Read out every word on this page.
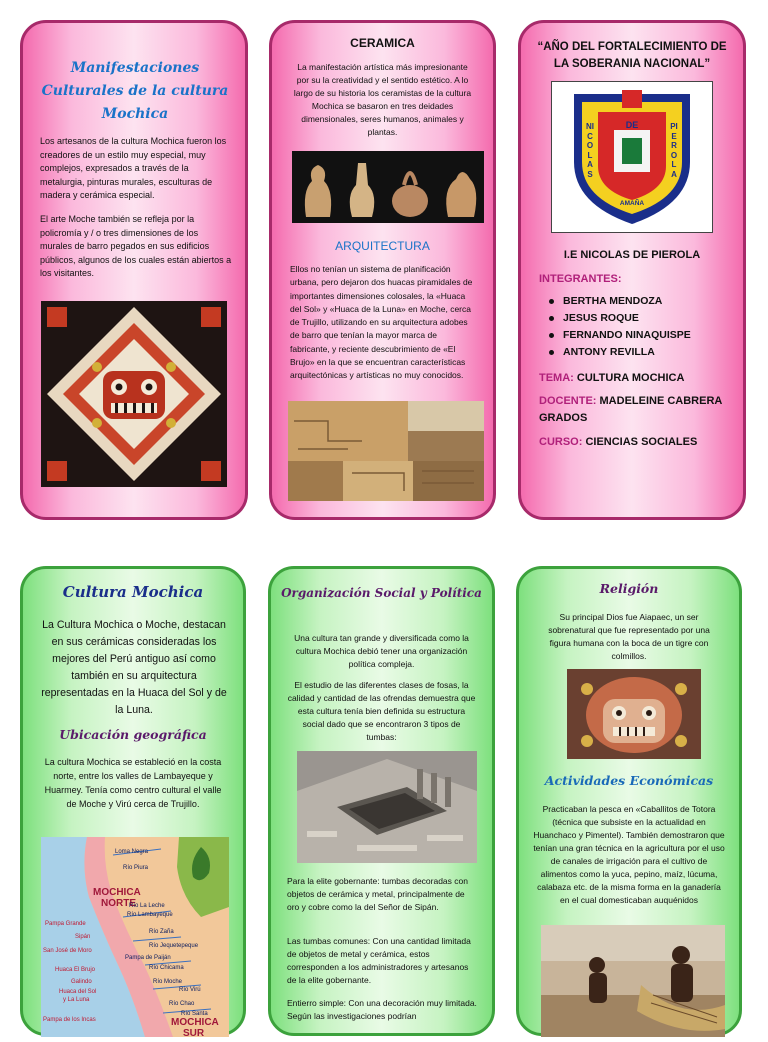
Manifestaciones Culturales de la cultura Mochica
Los artesanos de la cultura Mochica fueron los creadores de un estilo muy especial, muy complejos, expresados a través de la metalurgia, pinturas murales, esculturas de madera y cerámica especial.
El arte Moche también se refleja por la policromía y / o tres dimensiones de los murales de barro pegados en sus edificios públicos, algunos de los cuales están abiertos a los visitantes.
CERAMICA
La manifestación artística más impresionante por su la creatividad y el sentido estético. A lo largo de su historia los ceramistas de la cultura Mochica se basaron en tres deidades dimensionales, seres humanos, animales y plantas.
ARQUITECTURA
Ellos no tenían un sistema de planificación urbana, pero dejaron dos huacas piramidales de importantes dimensiones colosales, la «Huaca del Sol» y «Huaca de la Luna» en Moche, cerca de Trujillo, utilizando en su arquitectura adobes de barro que tenían la mayor marca de fabricante, y reciente descubrimiento de «El Brujo» en la que se encuentran características arquitectónicas y artísticas no muy conocidos.
“AÑO DEL FORTALECIMIENTO DE LA SOBERANIA NACIONAL”
DE
NICOLAS
PIEROLA
AMAÑA
I.E NICOLAS DE PIEROLA
INTEGRANTES:
BERTHA MENDOZA
JESUS ROQUE
FERNANDO NINAQUISPE
ANTONY REVILLA
TEMA: CULTURA MOCHICA
DOCENTE: MADELEINE CABRERA GRADOS
CURSO: CIENCIAS SOCIALES
Cultura Mochica
La Cultura Mochica o Moche, destacan en sus cerámicas consideradas los mejores del Perú antiguo así como también en su arquitectura representadas en la Huaca del Sol y de la Luna.
Ubicación geográfica
La cultura Mochica se estableció en la costa norte, entre los valles de Lambayeque y Huarmey. Tenía como centro cultural el valle de Moche y Virú cerca de Trujillo.
MOCHICA
NORTE
Loma Negra
Río Piura
Río La Leche
Río Lambayeque
Pampa Grande
Sipán
Río Zaña
San José de Moro
Río Jequetepeque
Pampa de Paiján
Río Chicama
Huaca El Brujo
Galindo	Río Moche
Huaca del Sol
y La Luna
Río Virú
Río Chao
Río Santa
Pampa de los Incas	MOCHICA
SUR
Organización Social y Política
Una cultura tan grande y diversificada como la cultura Mochica debió tener una organización política compleja.
El estudio de las diferentes clases de fosas, la calidad y cantidad de las ofrendas demuestra que esta cultura tenía bien definida su estructura social dado que se encontraron 3 tipos de tumbas:
Para la elite gobernante: tumbas decoradas con objetos de cerámica y metal, principalmente de oro y cobre como la del Señor de Sipán.
Las tumbas comunes: Con una cantidad limitada de objetos de metal y cerámica, estos corresponden a los administradores y artesanos de la elite gobernante.
Entierro simple: Con una decoración muy limitada. Según las investigaciones podrían
Religión
Su principal Dios fue Aiapaec, un ser sobrenatural que fue representado por una figura humana con la boca de un tigre con colmillos.
Actividades Económicas
Practicaban la pesca en «Caballitos de Totora (técnica que subsiste en la actualidad en Huanchaco y Pimentel). También demostraron que tenían una gran técnica en la agricultura por el uso de canales de irrigación para el cultivo de alimentos como la yuca, pepino, maíz, lúcuma, calabaza etc. de la misma forma en la ganadería en el cual domesticaban auquénidos
